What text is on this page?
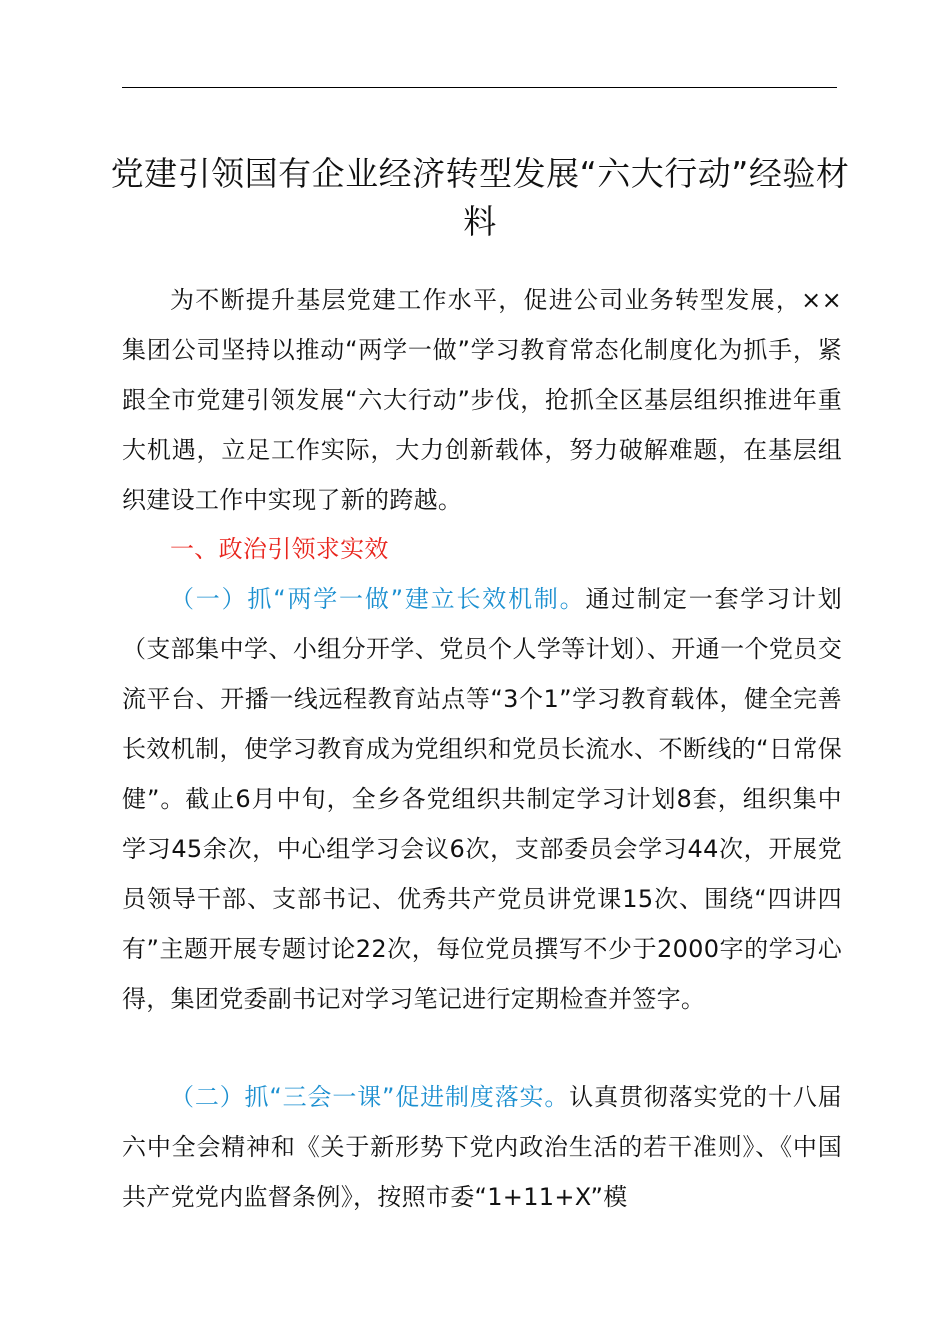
党建引领国有企业经济转型发展“六大行动”经验材料

为不断提升基层党建工作水平，促进公司业务转型发展，××集团公司坚持以推动“两学一做”学习教育常态化制度化为抓手，紧跟全市党建引领发展“六大行动”步伐，抢抓全区基层组织推进年重大机遇，立足工作实际，大力创新载体，努力破解难题，在基层组织建设工作中实现了新的跨越。

一、政治引领求实效

（一）抓“两学一做”建立长效机制。通过制定一套学习计划（支部集中学、小组分开学、党员个人学等计划）、开通一个党员交流平台、开播一线远程教育站点等“3个1”学习教育载体，健全完善长效机制，使学习教育成为党组织和党员长流水、不断线的“日常保健”。截止6月中旬，全乡各党组织共制定学习计划8套，组织集中学习45余次，中心组学习会议6次，支部委员会学习44次，开展党员领导干部、支部书记、优秀共产党员讲党课15次、围绕“四讲四有”主题开展专题讨论22次，每位党员撰写不少于2000字的学习心得，集团党委副书记对学习笔记进行定期检查并签字。

（二）抓“三会一课”促进制度落实。认真贯彻落实党的十八届六中全会精神和《关于新形势下党内政治生活的若干准则》、《中国共产党党内监督条例》，按照市委“1+11+X”模
